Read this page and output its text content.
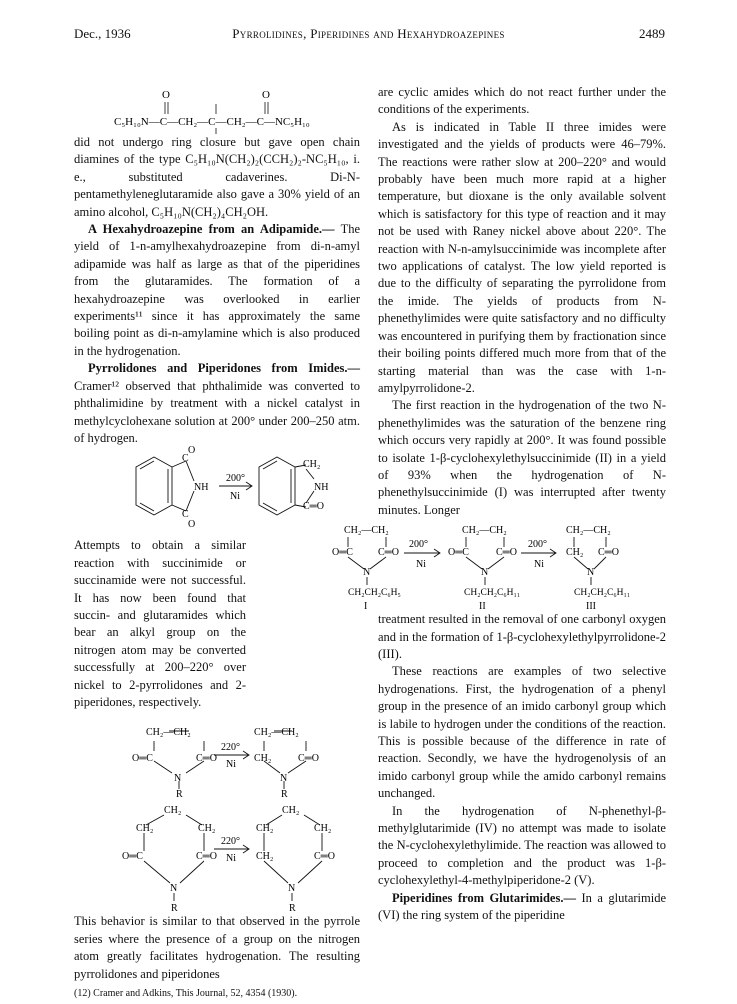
Dec., 1936	Pyrrolidines, Piperidines and Hexahydroazepines	2489
O	O
C₅H₁₀N—C—CH₂—C—CH₂—C—NC₅H₁₀

did not undergo ring closure but gave open chain diamines of the type C₅H₁₀N(CH₂)₂(CCH₂)₂-NC₅H₁₀, i. e., substituted cadaverines. Di-N-pentamethyleneglutaramide also gave a 30% yield of an amino alcohol, C₅H₁₀N(CH₂)₄CH₂OH.

A Hexahydroazepine from an Adipamide.— The yield of 1-n-amylhexahydroazepine from di-n-amyl adipamide was half as large as that of the piperidines from the glutaramides. The formation of a hexahydroazepine was overlooked in earlier experiments¹¹ since it has approximately the same boiling point as di-n-amylamine which is also produced in the hydrogenation.

Pyrrolidones and Piperidones from Imides.— Cramer¹² observed that phthalimide was converted to phthalimidine by treatment with a nickel catalyst in methylcyclohexane solution at 200° under 200–250 atm. of hydrogen.

C
O
C
O
NH
CH₂
NH
C═O
200°
Ni

Attempts to obtain a similar reaction with succinimide or succinamide were not successful. It has now been found that succin- and glutaramides which bear an alkyl group on the nitrogen atom may be converted successfully at 200–220° over nickel to 2-pyrrolidones and 2-piperidones, respectively.

CH₂—CH₂
O═C	C═O
N
R
CH₂—CH₂
CH₂	C═O
N
R
220°
Ni
CH₂
CH₂	CH₂
O═C	C═O
N
R
CH₂
CH₂	CH₂
CH₂	C═O
N
R
220°
Ni

This behavior is similar to that observed in the pyrrole series where the presence of a group on the nitrogen atom greatly facilitates hydrogenation. The resulting pyrrolidones and piperidones

(12) Cramer and Adkins, This Journal, 52, 4354 (1930).

are cyclic amides which do not react further under the conditions of the experiments.

As is indicated in Table II three imides were investigated and the yields of products were 46–79%. The reactions were rather slow at 200–220° and would probably have been much more rapid at a higher temperature, but dioxane is the only available solvent which is satisfactory for this type of reaction and it may not be used with Raney nickel above about 220°. The reaction with N-n-amylsuccinimide was incomplete after two applications of catalyst. The low yield reported is due to the difficulty of separating the pyrrolidone from the imide. The yields of products from N-phenethylimides were quite satisfactory and no difficulty was encountered in purifying them by fractionation since their boiling points differed much more from that of the starting material than was the case with 1-n-amylpyrrolidone-2.

The first reaction in the hydrogenation of the two N-phenethylimides was the saturation of the benzene ring which occurs very rapidly at 200°. It was found possible to isolate 1-β-cyclohexylethylsuccinimide (II) in a yield of 93% when the hydrogenation of N-phenethylsuccinimide (I) was interrupted after twenty minutes. Longer

CH₂—CH₂
O═C	C═O
N
CH₂CH₂C₆H₅
I
200°
Ni
CH₂—CH₂
O═C	C═O
N
CH₂CH₂C₆H₁₁
II
200°
Ni
CH₂—CH₂
CH₂ C═O
N
CH₂CH₂C₆H₁₁
III

treatment resulted in the removal of one carbonyl oxygen and in the formation of 1-β-cyclohexylethylpyrrolidone-2 (III).

These reactions are examples of two selective hydrogenations. First, the hydrogenation of a phenyl group in the presence of an imido carbonyl group which is labile to hydrogen under the conditions of the reaction. This is possible because of the difference in rate of reaction. Secondly, we have the hydrogenolysis of an imido carbonyl group while the amido carbonyl remains unchanged.

In the hydrogenation of N-phenethyl-β-methylglutarimide (IV) no attempt was made to isolate the N-cyclohexylethylimide. The reaction was allowed to proceed to completion and the product was 1-β-cyclohexylethyl-4-methylpiperidone-2 (V).

Piperidines from Glutarimides.— In a glutarimide (VI) the ring system of the piperidine
